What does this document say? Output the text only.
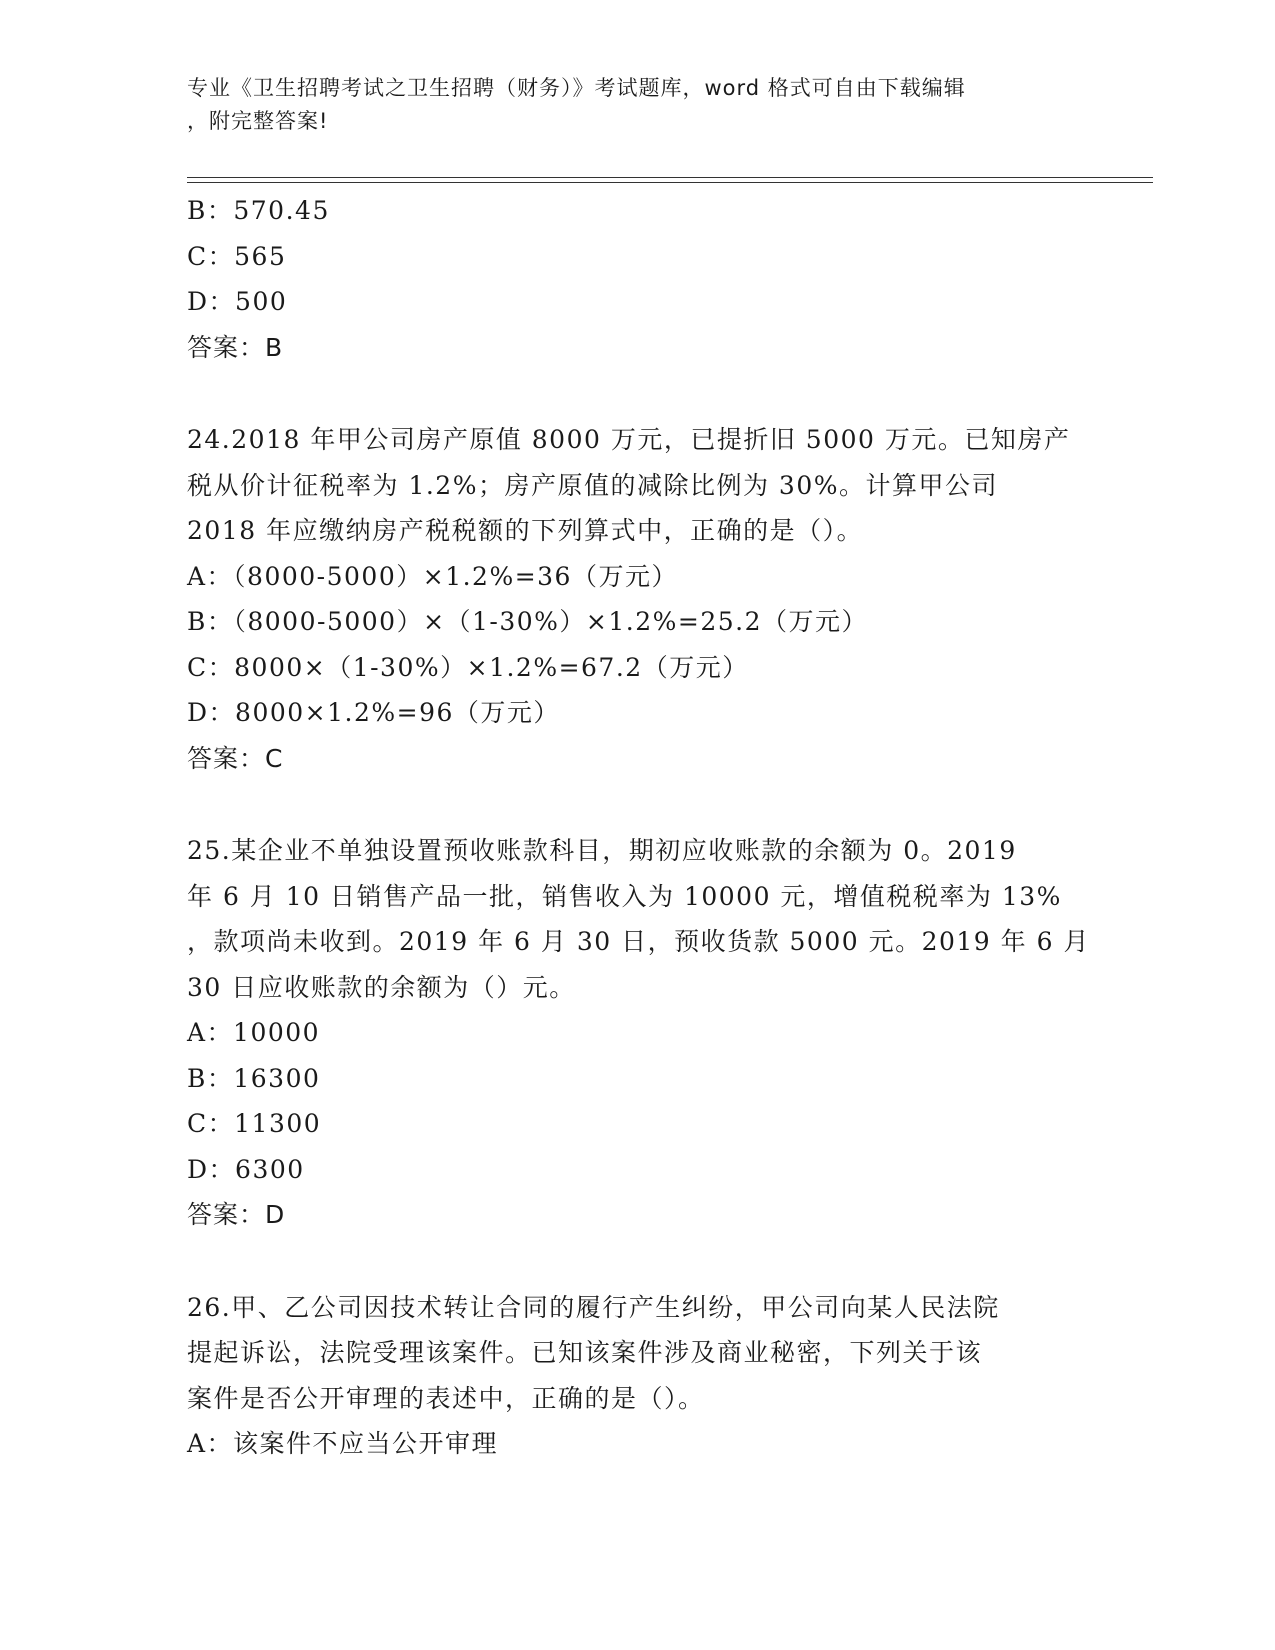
专业《卫生招聘考试之卫生招聘（财务）》考试题库，word 格式可自由下载编辑
，附完整答案!
B：570.45
C：565
D：500
答案：B
24.2018 年甲公司房产原值 8000 万元，已提折旧 5000 万元。已知房产
税从价计征税率为 1.2%；房产原值的减除比例为 30%。计算甲公司
2018 年应缴纳房产税税额的下列算式中，正确的是（）。
A：（8000-5000）×1.2%=36（万元）
B：（8000-5000）×（1-30%）×1.2%=25.2（万元）
C：8000×（1-30%）×1.2%=67.2（万元）
D：8000×1.2%=96（万元）
答案：C
25.某企业不单独设置预收账款科目，期初应收账款的余额为 0。2019
年 6 月 10 日销售产品一批，销售收入为 10000 元，增值税税率为 13%
，款项尚未收到。2019 年 6 月 30 日，预收货款 5000 元。2019 年 6 月
30 日应收账款的余额为（）元。
A：10000
B：16300
C：11300
D：6300
答案：D
26.甲、乙公司因技术转让合同的履行产生纠纷，甲公司向某人民法院
提起诉讼，法院受理该案件。已知该案件涉及商业秘密，下列关于该
案件是否公开审理的表述中，正确的是（）。
A：该案件不应当公开审理
